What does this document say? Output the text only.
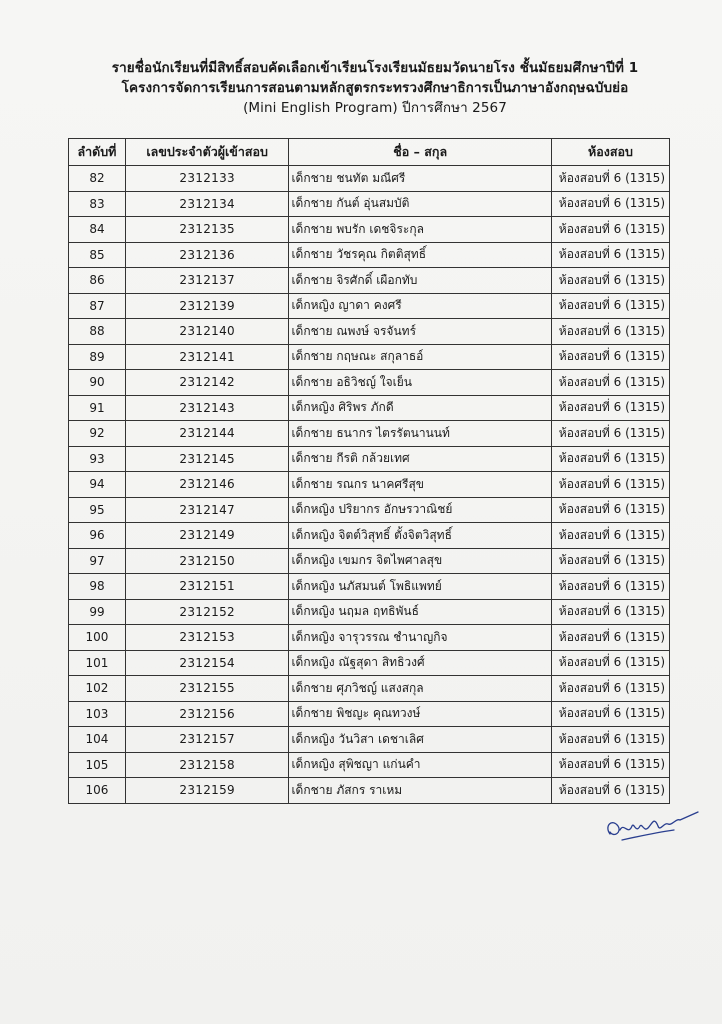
รายชื่อนักเรียนที่มีสิทธิ์สอบคัดเลือกเข้าเรียนโรงเรียนมัธยมวัดนายโรง ชั้นมัธยมศึกษาปีที่ 1
โครงการจัดการเรียนการสอนตามหลักสูตรกระทรวงศึกษาธิการเป็นภาษาอังกฤษฉบับย่อ
(Mini English Program) ปีการศึกษา 2567
ลำดับที่	เลขประจำตัวผู้เข้าสอบ	ชื่อ – สกุล	ห้องสอบ
82	2312133	เด็กชาย ชนทัต มณีศรี	ห้องสอบที่ 6 (1315)
83	2312134	เด็กชาย กันต์ อุ่นสมบัติ	ห้องสอบที่ 6 (1315)
84	2312135	เด็กชาย พบรัก เดชจิระกุล	ห้องสอบที่ 6 (1315)
85	2312136	เด็กชาย วัชรคุณ กิตติสุทธิ์	ห้องสอบที่ 6 (1315)
86	2312137	เด็กชาย จิรศักดิ์ เผือกทับ	ห้องสอบที่ 6 (1315)
87	2312139	เด็กหญิง ญาดา คงศรี	ห้องสอบที่ 6 (1315)
88	2312140	เด็กชาย ณพงษ์ จรจันทร์	ห้องสอบที่ 6 (1315)
89	2312141	เด็กชาย กฤษณะ สกุลาธอ์	ห้องสอบที่ 6 (1315)
90	2312142	เด็กชาย อธิวิชญ์ ใจเย็น	ห้องสอบที่ 6 (1315)
91	2312143	เด็กหญิง ศิริพร ภักดี	ห้องสอบที่ 6 (1315)
92	2312144	เด็กชาย ธนากร ไตรรัตนานนท์	ห้องสอบที่ 6 (1315)
93	2312145	เด็กชาย กีรติ กล้วยเทศ	ห้องสอบที่ 6 (1315)
94	2312146	เด็กชาย รณกร นาคศรีสุข	ห้องสอบที่ 6 (1315)
95	2312147	เด็กหญิง ปริยากร อักษรวาณิชย์	ห้องสอบที่ 6 (1315)
96	2312149	เด็กหญิง จิตต์วิสุทธิ์ ตั้งจิตวิสุทธิ์	ห้องสอบที่ 6 (1315)
97	2312150	เด็กหญิง เขมกร จิตไพศาลสุข	ห้องสอบที่ 6 (1315)
98	2312151	เด็กหญิง นภัสมนต์ โพธิแพทย์	ห้องสอบที่ 6 (1315)
99	2312152	เด็กหญิง นฤมล ฤทธิพันธ์	ห้องสอบที่ 6 (1315)
100	2312153	เด็กหญิง จารุวรรณ ชำนาญกิจ	ห้องสอบที่ 6 (1315)
101	2312154	เด็กหญิง ณัฐสุดา สิทธิวงศ์	ห้องสอบที่ 6 (1315)
102	2312155	เด็กชาย ศุภวิชญ์ แสงสกุล	ห้องสอบที่ 6 (1315)
103	2312156	เด็กชาย พิชญะ คุณทวงษ์	ห้องสอบที่ 6 (1315)
104	2312157	เด็กหญิง วันวิสา เดชาเลิศ	ห้องสอบที่ 6 (1315)
105	2312158	เด็กหญิง สุพิชญา แก่นคำ	ห้องสอบที่ 6 (1315)
106	2312159	เด็กชาย ภัสกร ราเหม	ห้องสอบที่ 6 (1315)
